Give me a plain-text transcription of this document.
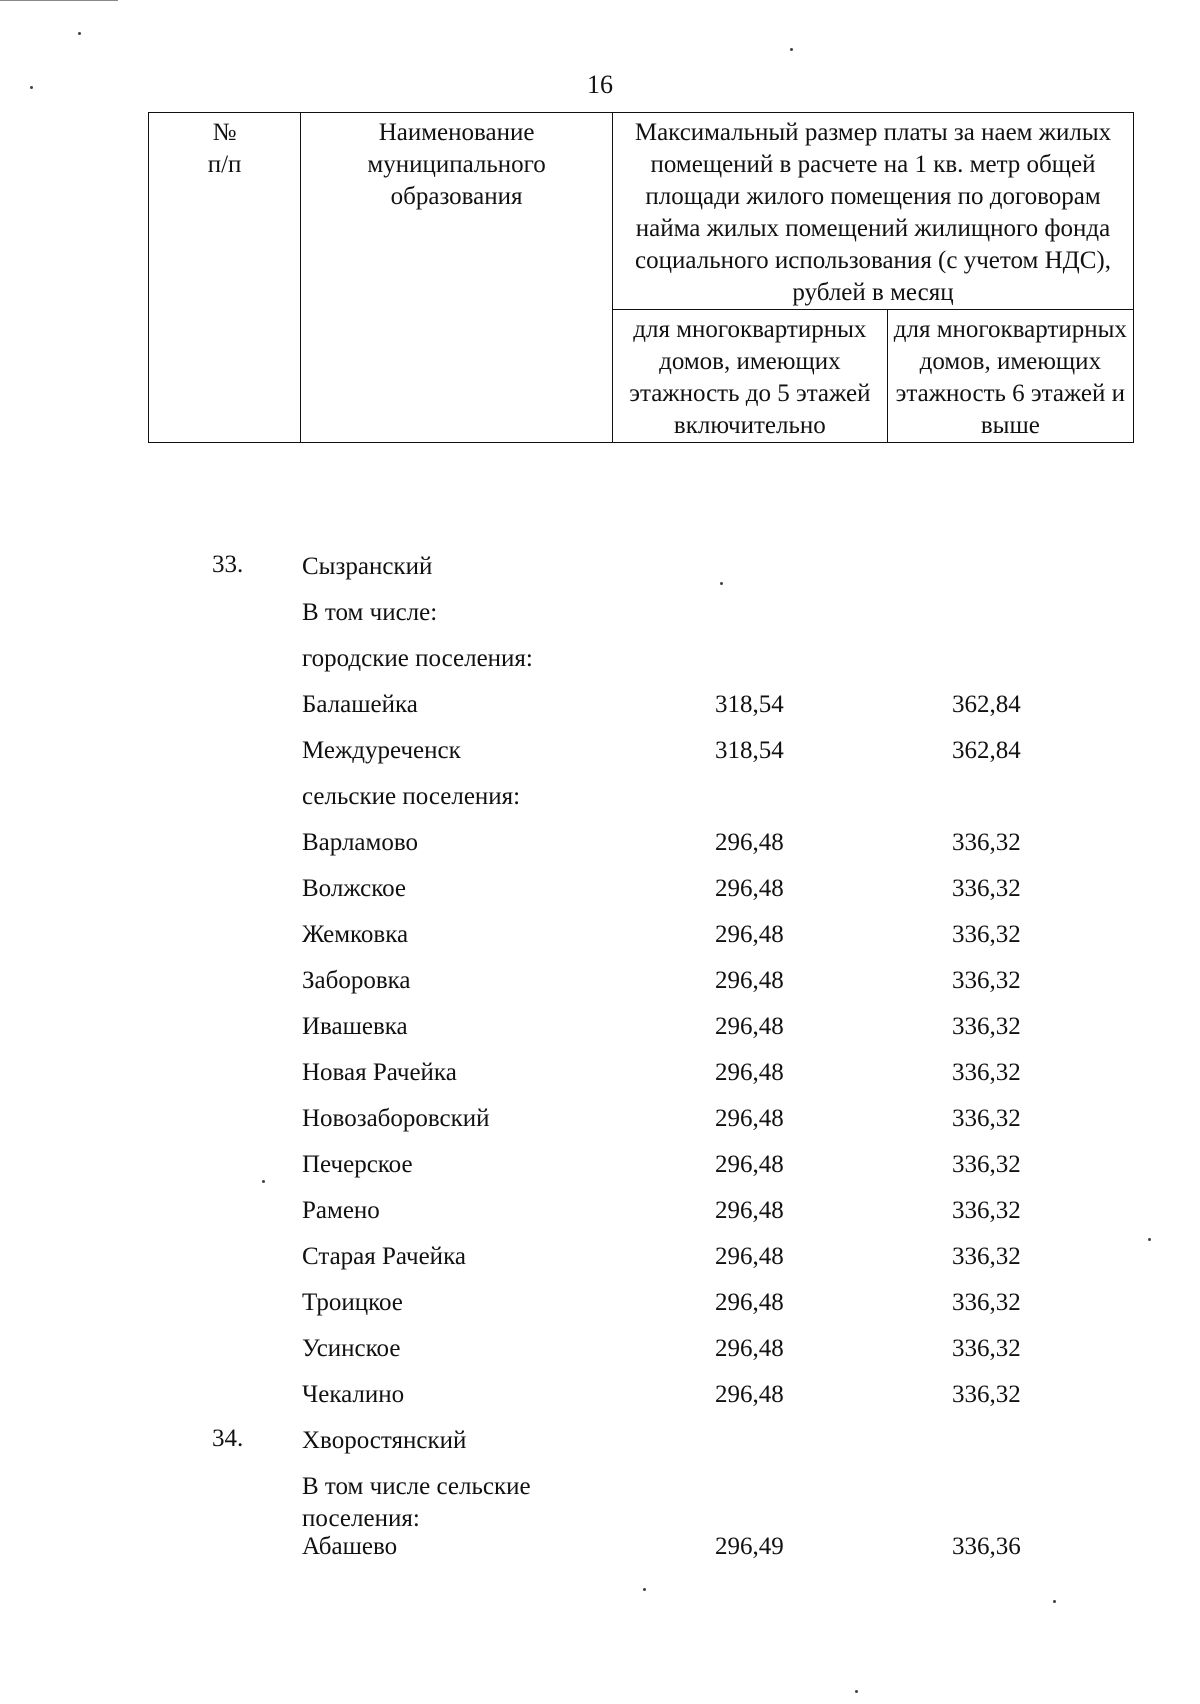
16
№
п/п	Наименование муниципального образования	Максимальный размер платы за наем жилых помещений в расчете на 1 кв. метр общей площади жилого помещения по договорам найма жилых помещений жилищного фонда социального использования (с учетом НДС), рублей в месяц	
		для многоквартирных домов, имеющих этажность до 5 этажей включительно	для многоквартирных домов, имеющих этажность 6 этажей и выше
33. Сызранский
В том числе:
городские поселения:
Балашейка	318,54	362,84
Междуреченск	318,54	362,84
сельские поселения:
Варламово	296,48	336,32
Волжское	296,48	336,32
Жемковка	296,48	336,32
Заборовка	296,48	336,32
Ивашевка	296,48	336,32
Новая Рачейка	296,48	336,32
Новозаборовский	296,48	336,32
Печерское	296,48	336,32
Рамено	296,48	336,32
Старая Рачейка	296,48	336,32
Троицкое	296,48	336,32
Усинское	296,48	336,32
Чекалино	296,48	336,32
34. Хворостянский
В том числе сельские поселения:
Абашево	296,49	336,36
